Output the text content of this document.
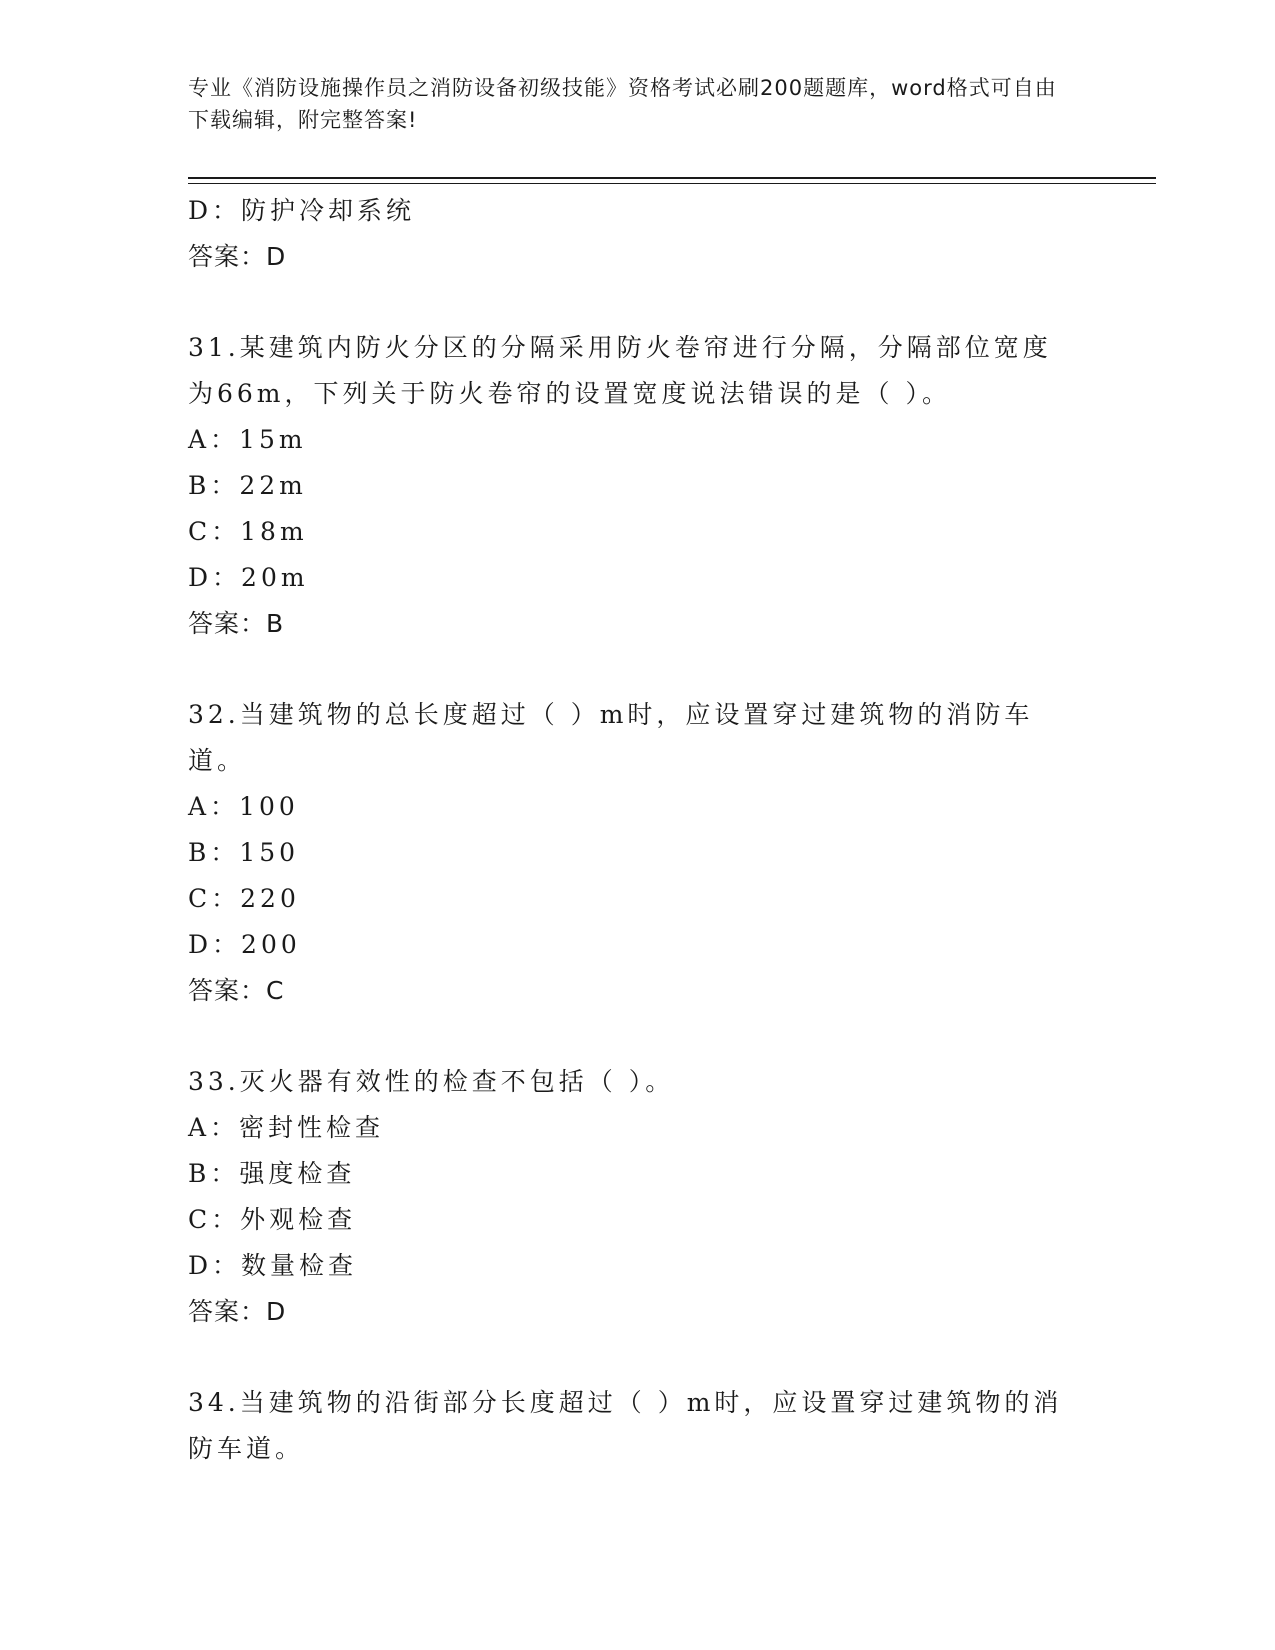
专业《消防设施操作员之消防设备初级技能》资格考试必刷200题题库，word格式可自由下载编辑，附完整答案!
D：防护冷却系统
答案：D
31.某建筑内防火分区的分隔采用防火卷帘进行分隔，分隔部位宽度为66m，下列关于防火卷帘的设置宽度说法错误的是（ ）。
A：15m
B：22m
C：18m
D：20m
答案：B
32.当建筑物的总长度超过（ ）m时，应设置穿过建筑物的消防车道。
A：100
B：150
C：220
D：200
答案：C
33.灭火器有效性的检查不包括（ ）。
A：密封性检查
B：强度检查
C：外观检查
D：数量检查
答案：D
34.当建筑物的沿街部分长度超过（ ）m时，应设置穿过建筑物的消防车道。
